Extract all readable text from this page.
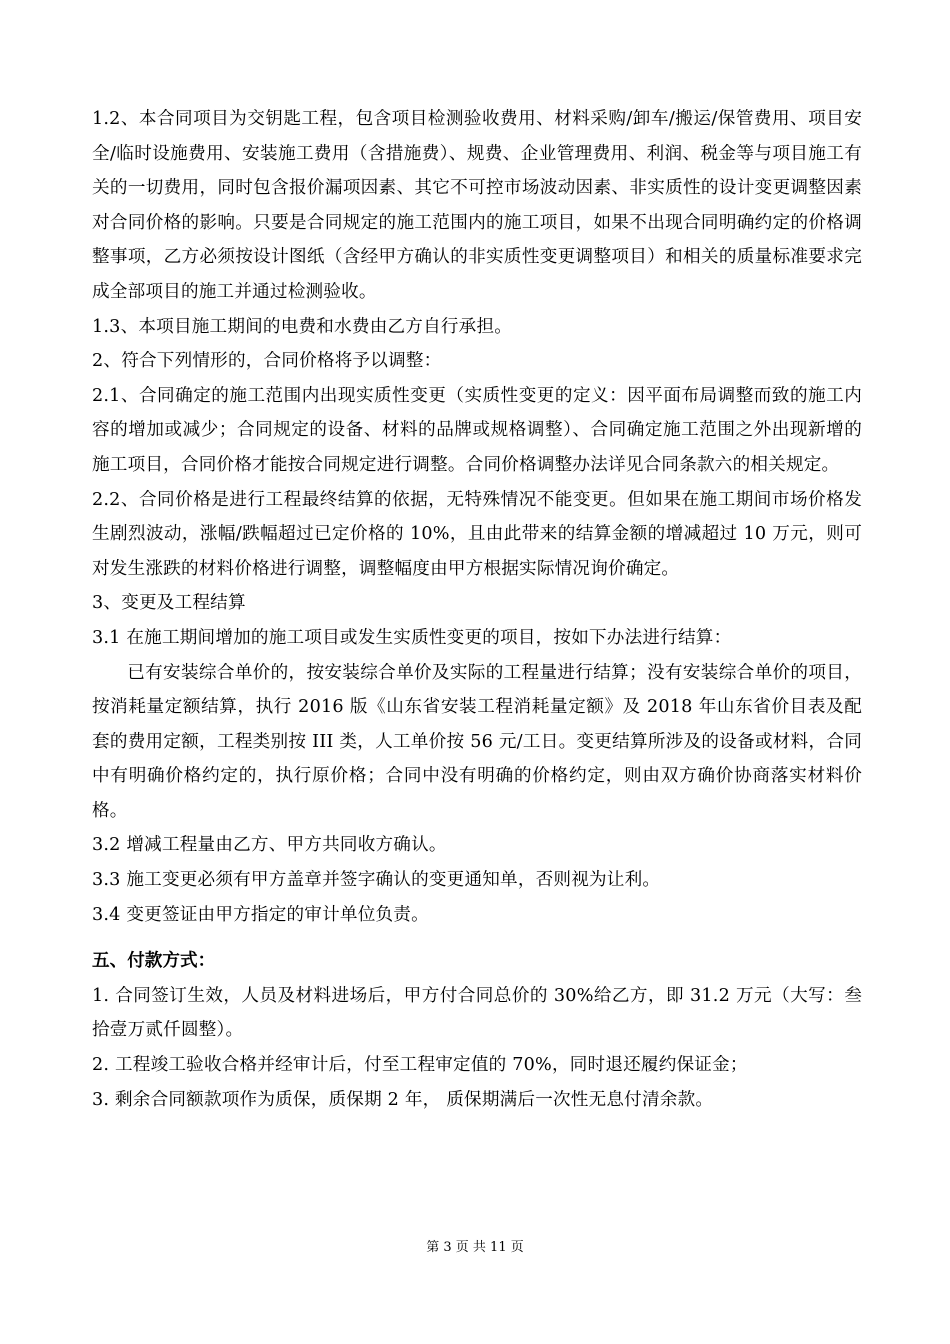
1.2、本合同项目为交钥匙工程，包含项目检测验收费用、材料采购/卸车/搬运/保管费用、项目安全/临时设施费用、安装施工费用（含措施费）、规费、企业管理费用、利润、税金等与项目施工有关的一切费用，同时包含报价漏项因素、其它不可控市场波动因素、非实质性的设计变更调整因素对合同价格的影响。只要是合同规定的施工范围内的施工项目，如果不出现合同明确约定的价格调整事项，乙方必须按设计图纸（含经甲方确认的非实质性变更调整项目）和相关的质量标准要求完成全部项目的施工并通过检测验收。

1.3、本项目施工期间的电费和水费由乙方自行承担。

2、符合下列情形的，合同价格将予以调整：

2.1、合同确定的施工范围内出现实质性变更（实质性变更的定义：因平面布局调整而致的施工内容的增加或减少；合同规定的设备、材料的品牌或规格调整）、合同确定施工范围之外出现新增的施工项目，合同价格才能按合同规定进行调整。合同价格调整办法详见合同条款六的相关规定。

2.2、合同价格是进行工程最终结算的依据，无特殊情况不能变更。但如果在施工期间市场价格发生剧烈波动，涨幅/跌幅超过已定价格的 10%，且由此带来的结算金额的增减超过 10 万元，则可对发生涨跌的材料价格进行调整，调整幅度由甲方根据实际情况询价确定。

3、变更及工程结算

3.1 在施工期间增加的施工项目或发生实质性变更的项目，按如下办法进行结算：

已有安装综合单价的，按安装综合单价及实际的工程量进行结算；没有安装综合单价的项目，按消耗量定额结算，执行 2016 版《山东省安装工程消耗量定额》及 2018 年山东省价目表及配套的费用定额，工程类别按 III 类，人工单价按 56 元/工日。变更结算所涉及的设备或材料，合同中有明确价格约定的，执行原价格；合同中没有明确的价格约定，则由双方确价协商落实材料价格。

3.2 增减工程量由乙方、甲方共同收方确认。

3.3 施工变更必须有甲方盖章并签字确认的变更通知单，否则视为让利。

3.4 变更签证由甲方指定的审计单位负责。

五、付款方式：

1. 合同签订生效，人员及材料进场后，甲方付合同总价的 30%给乙方，即 31.2 万元（大写：叁拾壹万贰仟圆整）。

2. 工程竣工验收合格并经审计后，付至工程审定值的 70%，同时退还履约保证金；

3. 剩余合同额款项作为质保，质保期 2 年， 质保期满后一次性无息付清余款。

第 3 页 共 11 页
